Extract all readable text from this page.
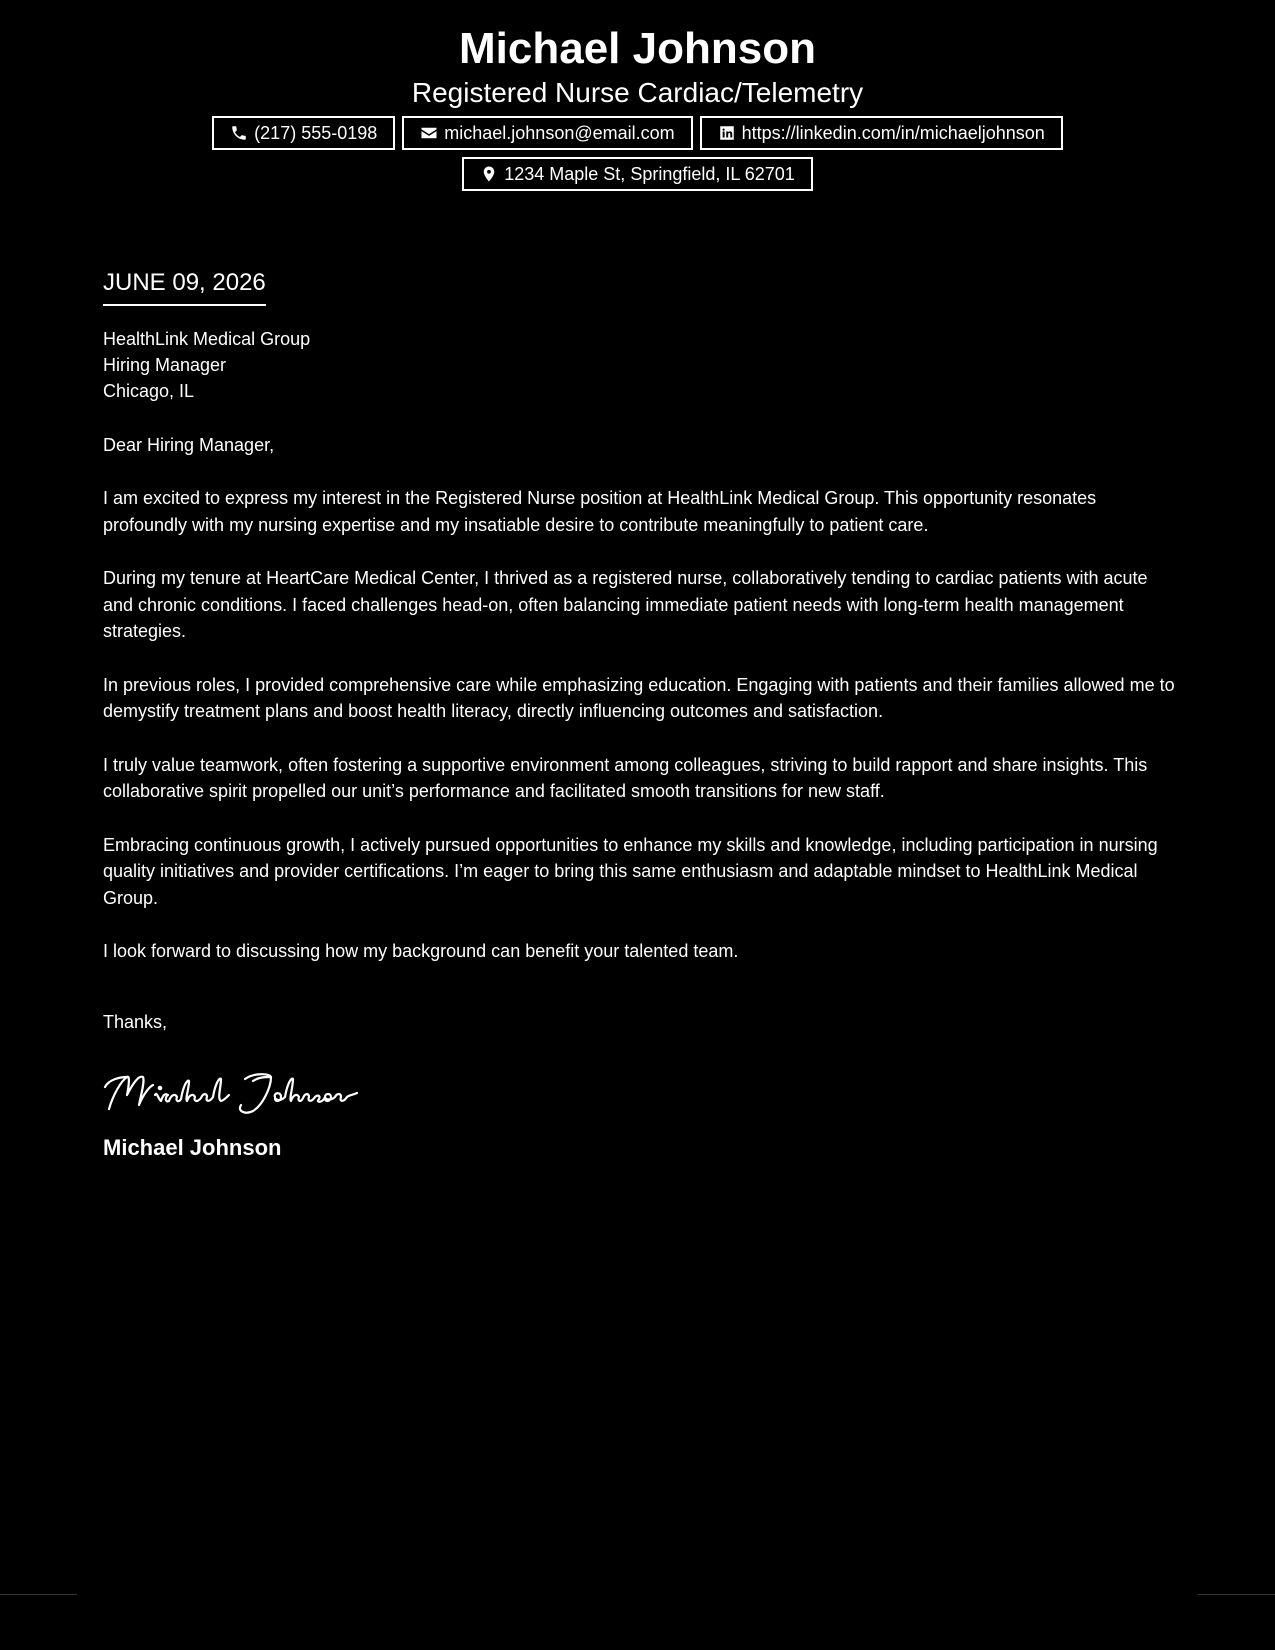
Michael Johnson
Registered Nurse Cardiac/Telemetry
(217) 555-0198	michael.johnson@email.com	https://linkedin.com/in/michaeljohnson
1234 Maple St, Springfield, IL 62701
JUNE 09, 2026
HealthLink Medical Group
Hiring Manager
Chicago, IL
Dear Hiring Manager,

I am excited to express my interest in the Registered Nurse position at HealthLink Medical Group. This opportunity resonates profoundly with my nursing expertise and my insatiable desire to contribute meaningfully to patient care.

During my tenure at HeartCare Medical Center, I thrived as a registered nurse, collaboratively tending to cardiac patients with acute and chronic conditions. I faced challenges head-on, often balancing immediate patient needs with long-term health management strategies.

In previous roles, I provided comprehensive care while emphasizing education. Engaging with patients and their families allowed me to demystify treatment plans and boost health literacy, directly influencing outcomes and satisfaction.

I truly value teamwork, often fostering a supportive environment among colleagues, striving to build rapport and share insights. This collaborative spirit propelled our unit’s performance and facilitated smooth transitions for new staff.

Embracing continuous growth, I actively pursued opportunities to enhance my skills and knowledge, including participation in nursing quality initiatives and provider certifications. I’m eager to bring this same enthusiasm and adaptable mindset to HealthLink Medical Group.

I look forward to discussing how my background can benefit your talented team.

Thanks,
Michael Johnson
